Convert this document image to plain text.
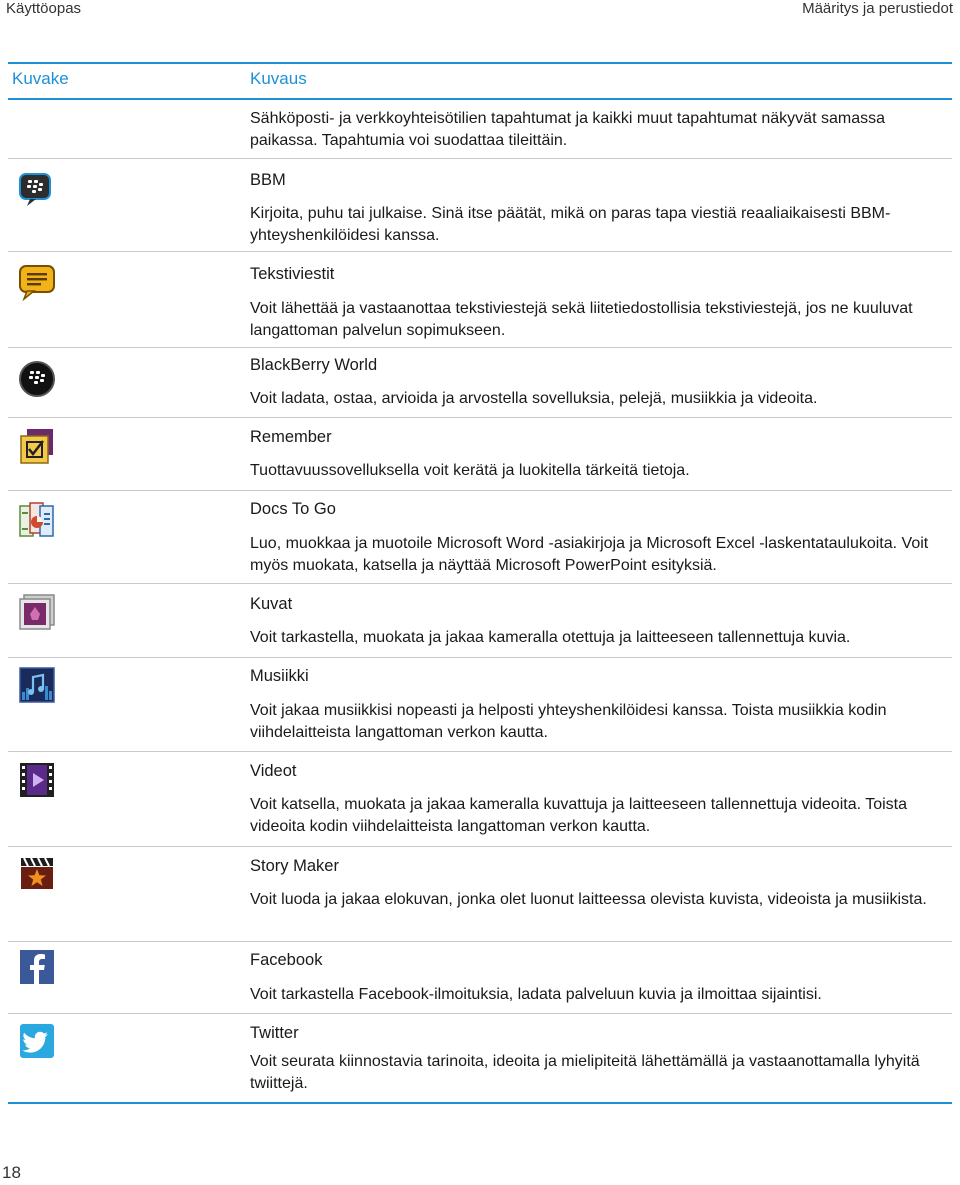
Käyttöopas	Määritys ja perustiedot
Kuvake	Kuvaus
Sähköposti- ja verkkoyhteisötilien tapahtumat ja kaikki muut tapahtumat näkyvät samassa paikassa. Tapahtumia voi suodattaa tileittäin.
BBM
Kirjoita, puhu tai julkaise. Sinä itse päätät, mikä on paras tapa viestiä reaaliaikaisesti BBM-yhteyshenkilöidesi kanssa.
Tekstiviestit
Voit lähettää ja vastaanottaa tekstiviestejä sekä liitetiedostollisia tekstiviestejä, jos ne kuuluvat langattoman palvelun sopimukseen.
BlackBerry World
Voit ladata, ostaa, arvioida ja arvostella sovelluksia, pelejä, musiikkia ja videoita.
Remember
Tuottavuussovelluksella voit kerätä ja luokitella tärkeitä tietoja.
Docs To Go
Luo, muokkaa ja muotoile Microsoft Word -asiakirjoja ja Microsoft Excel -laskentataulukoita. Voit myös muokata, katsella ja näyttää Microsoft PowerPoint esityksiä.
Kuvat
Voit tarkastella, muokata ja jakaa kameralla otettuja ja laitteeseen tallennettuja kuvia.
Musiikki
Voit jakaa musiikkisi nopeasti ja helposti yhteyshenkilöidesi kanssa. Toista musiikkia kodin viihdelaitteista langattoman verkon kautta.
Videot
Voit katsella, muokata ja jakaa kameralla kuvattuja ja laitteeseen tallennettuja videoita. Toista videoita kodin viihdelaitteista langattoman verkon kautta.
Story Maker
Voit luoda ja jakaa elokuvan, jonka olet luonut laitteessa olevista kuvista, videoista ja musiikista.
Facebook
Voit tarkastella Facebook-ilmoituksia, ladata palveluun kuvia ja ilmoittaa sijaintisi.
Twitter
Voit seurata kiinnostavia tarinoita, ideoita ja mielipiteitä lähettämällä ja vastaanottamalla lyhyitä twiittejä.
18
